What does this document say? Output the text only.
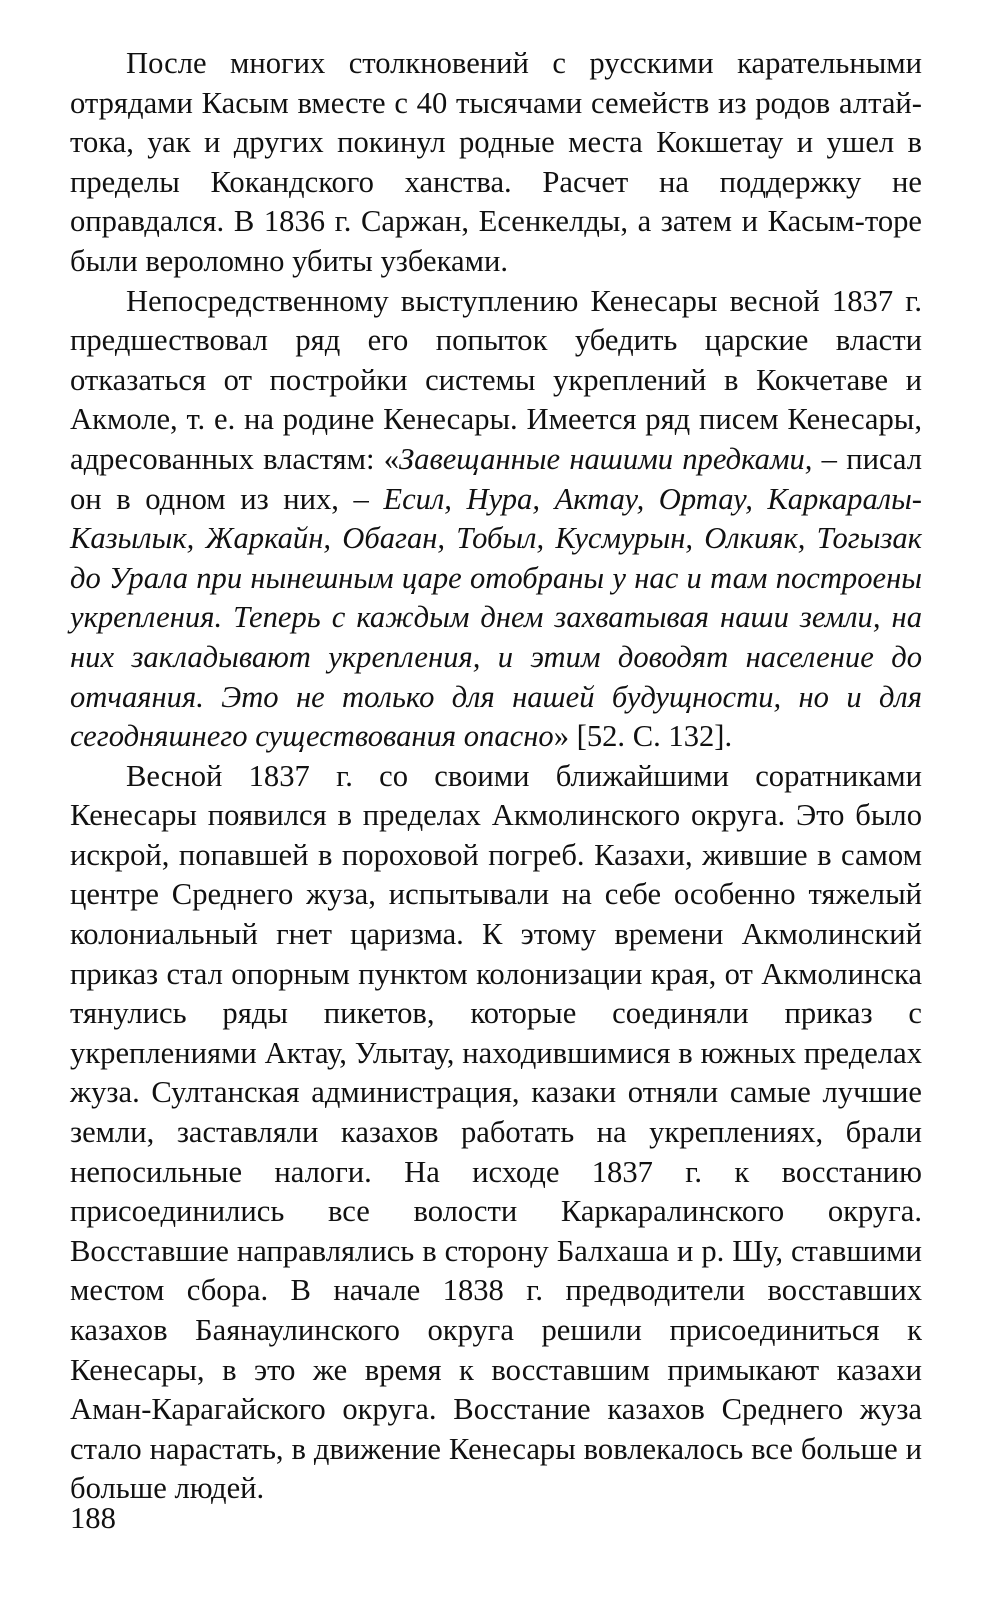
После многих столкновений с русскими карательными отрядами Касым вместе с 40 тысячами семейств из родов алтай-тока, уак и других покинул родные места Кокшетау и ушел в пределы Кокандского ханства. Расчет на поддержку не оправдался. В 1836 г. Саржан, Есенкелды, а затем и Касым-торе были вероломно убиты узбеками.

Непосредственному выступлению Кенесары весной 1837 г. предшествовал ряд его попыток убедить царские власти отказаться от постройки системы укреплений в Кокчетаве и Акмоле, т. е. на родине Кенесары. Имеется ряд писем Кенесары, адресованных властям: «Завещанные нашими предками, – писал он в одном из них, – Есил, Нура, Актау, Ортау, Каркаралы-Казылык, Жаркайн, Обаган, Тобыл, Кусмурын, Олкияк, Тогызак до Урала при нынешным царе отобраны у нас и там построены укрепления. Теперь с каждым днем захватывая наши земли, на них закладывают укрепления, и этим доводят население до отчаяния. Это не только для нашей будущности, но и для сегодняшнего существования опасно» [52. С. 132].

Весной 1837 г. со своими ближайшими соратниками Кенесары появился в пределах Акмолинского округа. Это было искрой, попавшей в пороховой погреб. Казахи, жившие в самом центре Среднего жуза, испытывали на себе особенно тяжелый колониальный гнет царизма. К этому времени Акмолинский приказ стал опорным пунктом колонизации края, от Акмолинска тянулись ряды пикетов, которые соединяли приказ с укреплениями Актау, Улытау, находившимися в южных пределах жуза. Султанская администрация, казаки отняли самые лучшие земли, заставляли казахов работать на укреплениях, брали непосильные налоги. На исходе 1837 г. к восстанию присоединились все волости Каркаралинского округа. Восставшие направлялись в сторону Балхаша и р. Шу, ставшими местом сбора. В начале 1838 г. предводители восставших казахов Баянаулинского округа решили присоединиться к Кенесары, в это же время к восставшим примыкают казахи Аман-Карагайского округа. Восстание казахов Среднего жуза стало нарастать, в движение Кенесары вовлекалось все больше и больше людей.

188
